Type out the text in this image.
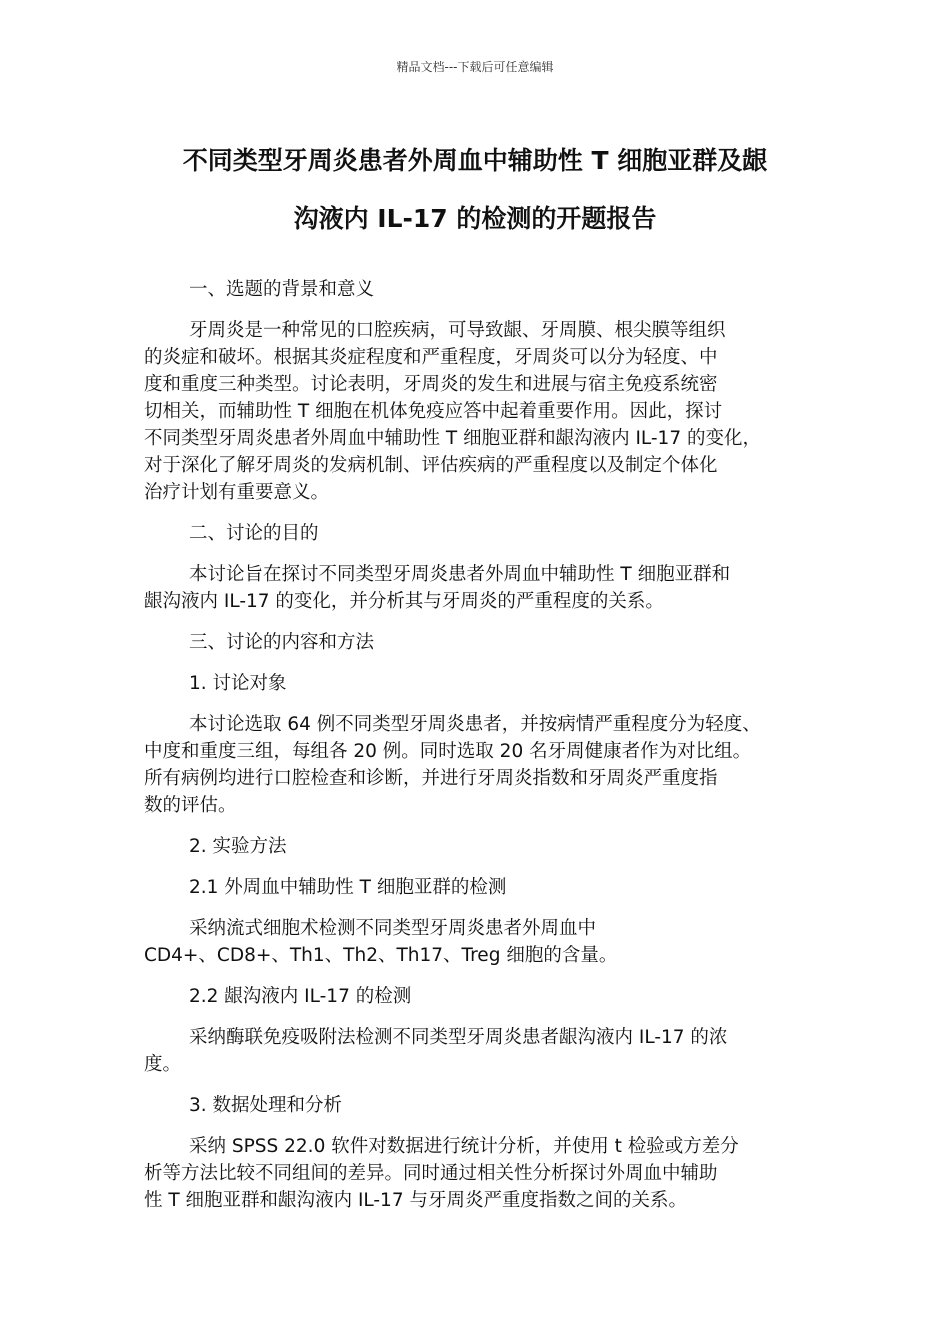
精品文档---下载后可任意编辑
不同类型牙周炎患者外周血中辅助性 T 细胞亚群及龈
沟液内 IL-17 的检测的开题报告
一、选题的背景和意义
牙周炎是一种常见的口腔疾病，可导致龈、牙周膜、根尖膜等组织
的炎症和破坏。根据其炎症程度和严重程度，牙周炎可以分为轻度、中
度和重度三种类型。讨论表明，牙周炎的发生和进展与宿主免疫系统密
切相关，而辅助性 T 细胞在机体免疫应答中起着重要作用。因此，探讨
不同类型牙周炎患者外周血中辅助性 T 细胞亚群和龈沟液内 IL-17 的变化，
对于深化了解牙周炎的发病机制、评估疾病的严重程度以及制定个体化
治疗计划有重要意义。
二、讨论的目的
本讨论旨在探讨不同类型牙周炎患者外周血中辅助性 T 细胞亚群和
龈沟液内 IL-17 的变化，并分析其与牙周炎的严重程度的关系。
三、讨论的内容和方法
1. 讨论对象
本讨论选取 64 例不同类型牙周炎患者，并按病情严重程度分为轻度、
中度和重度三组，每组各 20 例。同时选取 20 名牙周健康者作为对比组。
所有病例均进行口腔检查和诊断，并进行牙周炎指数和牙周炎严重度指
数的评估。
2. 实验方法
2.1 外周血中辅助性 T 细胞亚群的检测
采纳流式细胞术检测不同类型牙周炎患者外周血中
CD4+、CD8+、Th1、Th2、Th17、Treg 细胞的含量。
2.2 龈沟液内 IL-17 的检测
采纳酶联免疫吸附法检测不同类型牙周炎患者龈沟液内 IL-17 的浓
度。
3. 数据处理和分析
采纳 SPSS 22.0 软件对数据进行统计分析，并使用 t 检验或方差分
析等方法比较不同组间的差异。同时通过相关性分析探讨外周血中辅助
性 T 细胞亚群和龈沟液内 IL-17 与牙周炎严重度指数之间的关系。
